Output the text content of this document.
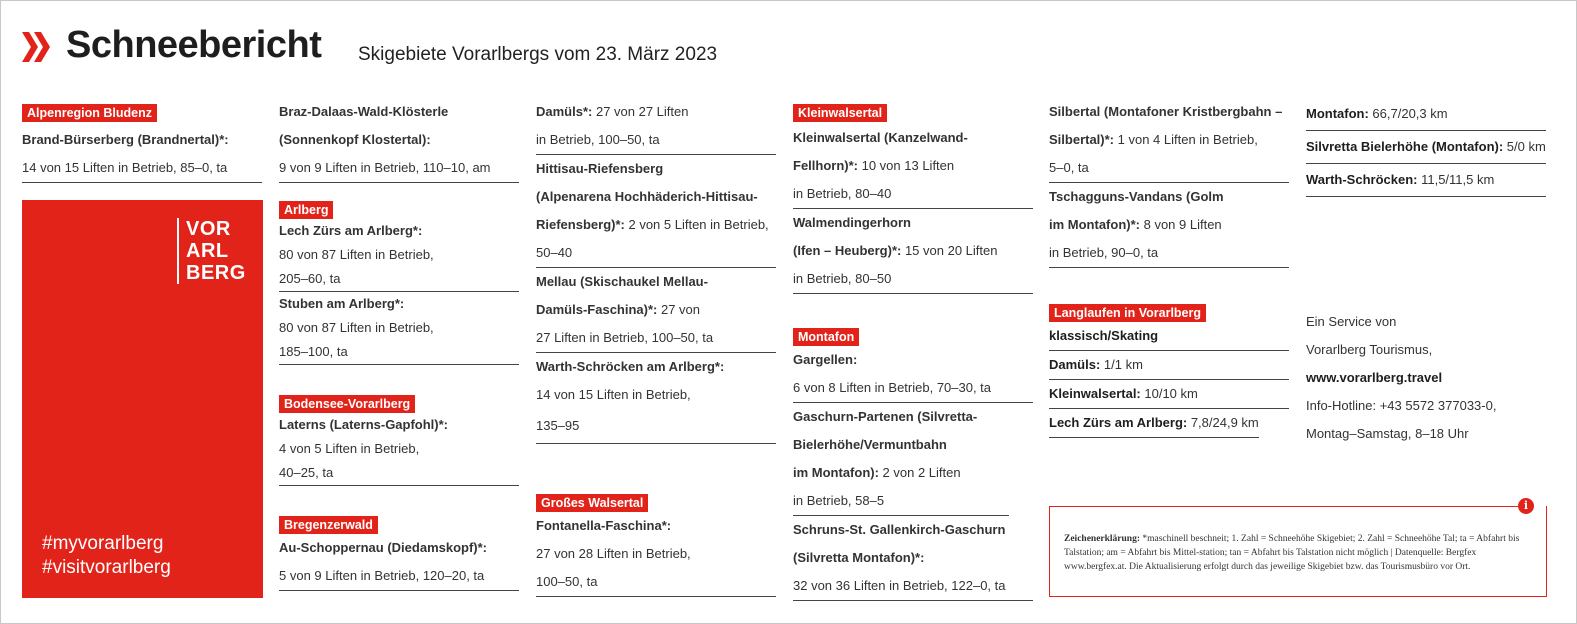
Schneebericht Skigebiete Vorarlbergs vom 23. März 2023
Alpenregion Bludenz
Brand-Bürserberg (Brandnertal)*:
14 von 15 Liften in Betrieb, 85–0, ta
VOR
ARL
BERG
#myvorarlberg
#visitvorarlberg
Braz-Dalaas-Wald-Klösterle
(Sonnenkopf Klostertal):
9 von 9 Liften in Betrieb, 110–10, am
Arlberg
Lech Zürs am Arlberg*:
80 von 87 Liften in Betrieb,
205–60, ta
Stuben am Arlberg*:
80 von 87 Liften in Betrieb,
185–100, ta
Bodensee-Vorarlberg
Laterns (Laterns-Gapfohl)*:
4 von 5 Liften in Betrieb,
40–25, ta
Bregenzerwald
Au-Schoppernau (Diedamskopf)*:
5 von 9 Liften in Betrieb, 120–20, ta
Damüls*: 27 von 27 Liften
in Betrieb, 100–50, ta
Hittisau-Riefensberg
(Alpenarena Hochhäderich-Hittisau-
Riefensberg)*: 2 von 5 Liften in Betrieb,
50–40
Mellau (Skischaukel Mellau-
Damüls-Faschina)*: 27 von
27 Liften in Betrieb, 100–50, ta
Warth-Schröcken am Arlberg*:
14 von 15 Liften in Betrieb,
135–95
Großes Walsertal
Fontanella-Faschina*:
27 von 28 Liften in Betrieb,
100–50, ta
Kleinwalsertal
Kleinwalsertal (Kanzelwand-
Fellhorn)*: 10 von 13 Liften
in Betrieb, 80–40
Walmendingerhorn
(Ifen – Heuberg)*: 15 von 20 Liften
in Betrieb, 80–50
Montafon
Gargellen:
6 von 8 Liften in Betrieb, 70–30, ta
Gaschurn-Partenen (Silvretta-
Bielerhöhe/Vermuntbahn
im Montafon): 2 von 2 Liften
in Betrieb, 58–5
Schruns-St. Gallenkirch-Gaschurn
(Silvretta Montafon)*:
32 von 36 Liften in Betrieb, 122–0, ta
Silbertal (Montafoner Kristbergbahn –
Silbertal)*: 1 von 4 Liften in Betrieb,
5–0, ta
Tschagguns-Vandans (Golm
im Montafon)*: 8 von 9 Liften
in Betrieb, 90–0, ta
Langlaufen in Vorarlberg
klassisch/Skating
Damüls: 1/1 km
Kleinwalsertal: 10/10 km
Lech Zürs am Arlberg: 7,8/24,9 km
Montafon: 66,7/20,3 km
Silvretta Bielerhöhe (Montafon): 5/0 km
Warth-Schröcken: 11,5/11,5 km
Ein Service von
Vorarlberg Tourismus,
www.vorarlberg.travel
Info-Hotline: +43 5572 377033-0,
Montag–Samstag, 8–18 Uhr
i
Zeichenerklärung: *maschinell beschneit; 1. Zahl = Schneehöhe Skigebiet; 2. Zahl = Schneehöhe Tal; ta = Abfahrt bis Talstation; am = Abfahrt bis Mittel-station; tan = Abfahrt bis Talstation nicht möglich | Datenquelle: Bergfex www.bergfex.at. Die Aktualisierung erfolgt durch das jeweilige Skigebiet bzw. das Tourismusbüro vor Ort.
